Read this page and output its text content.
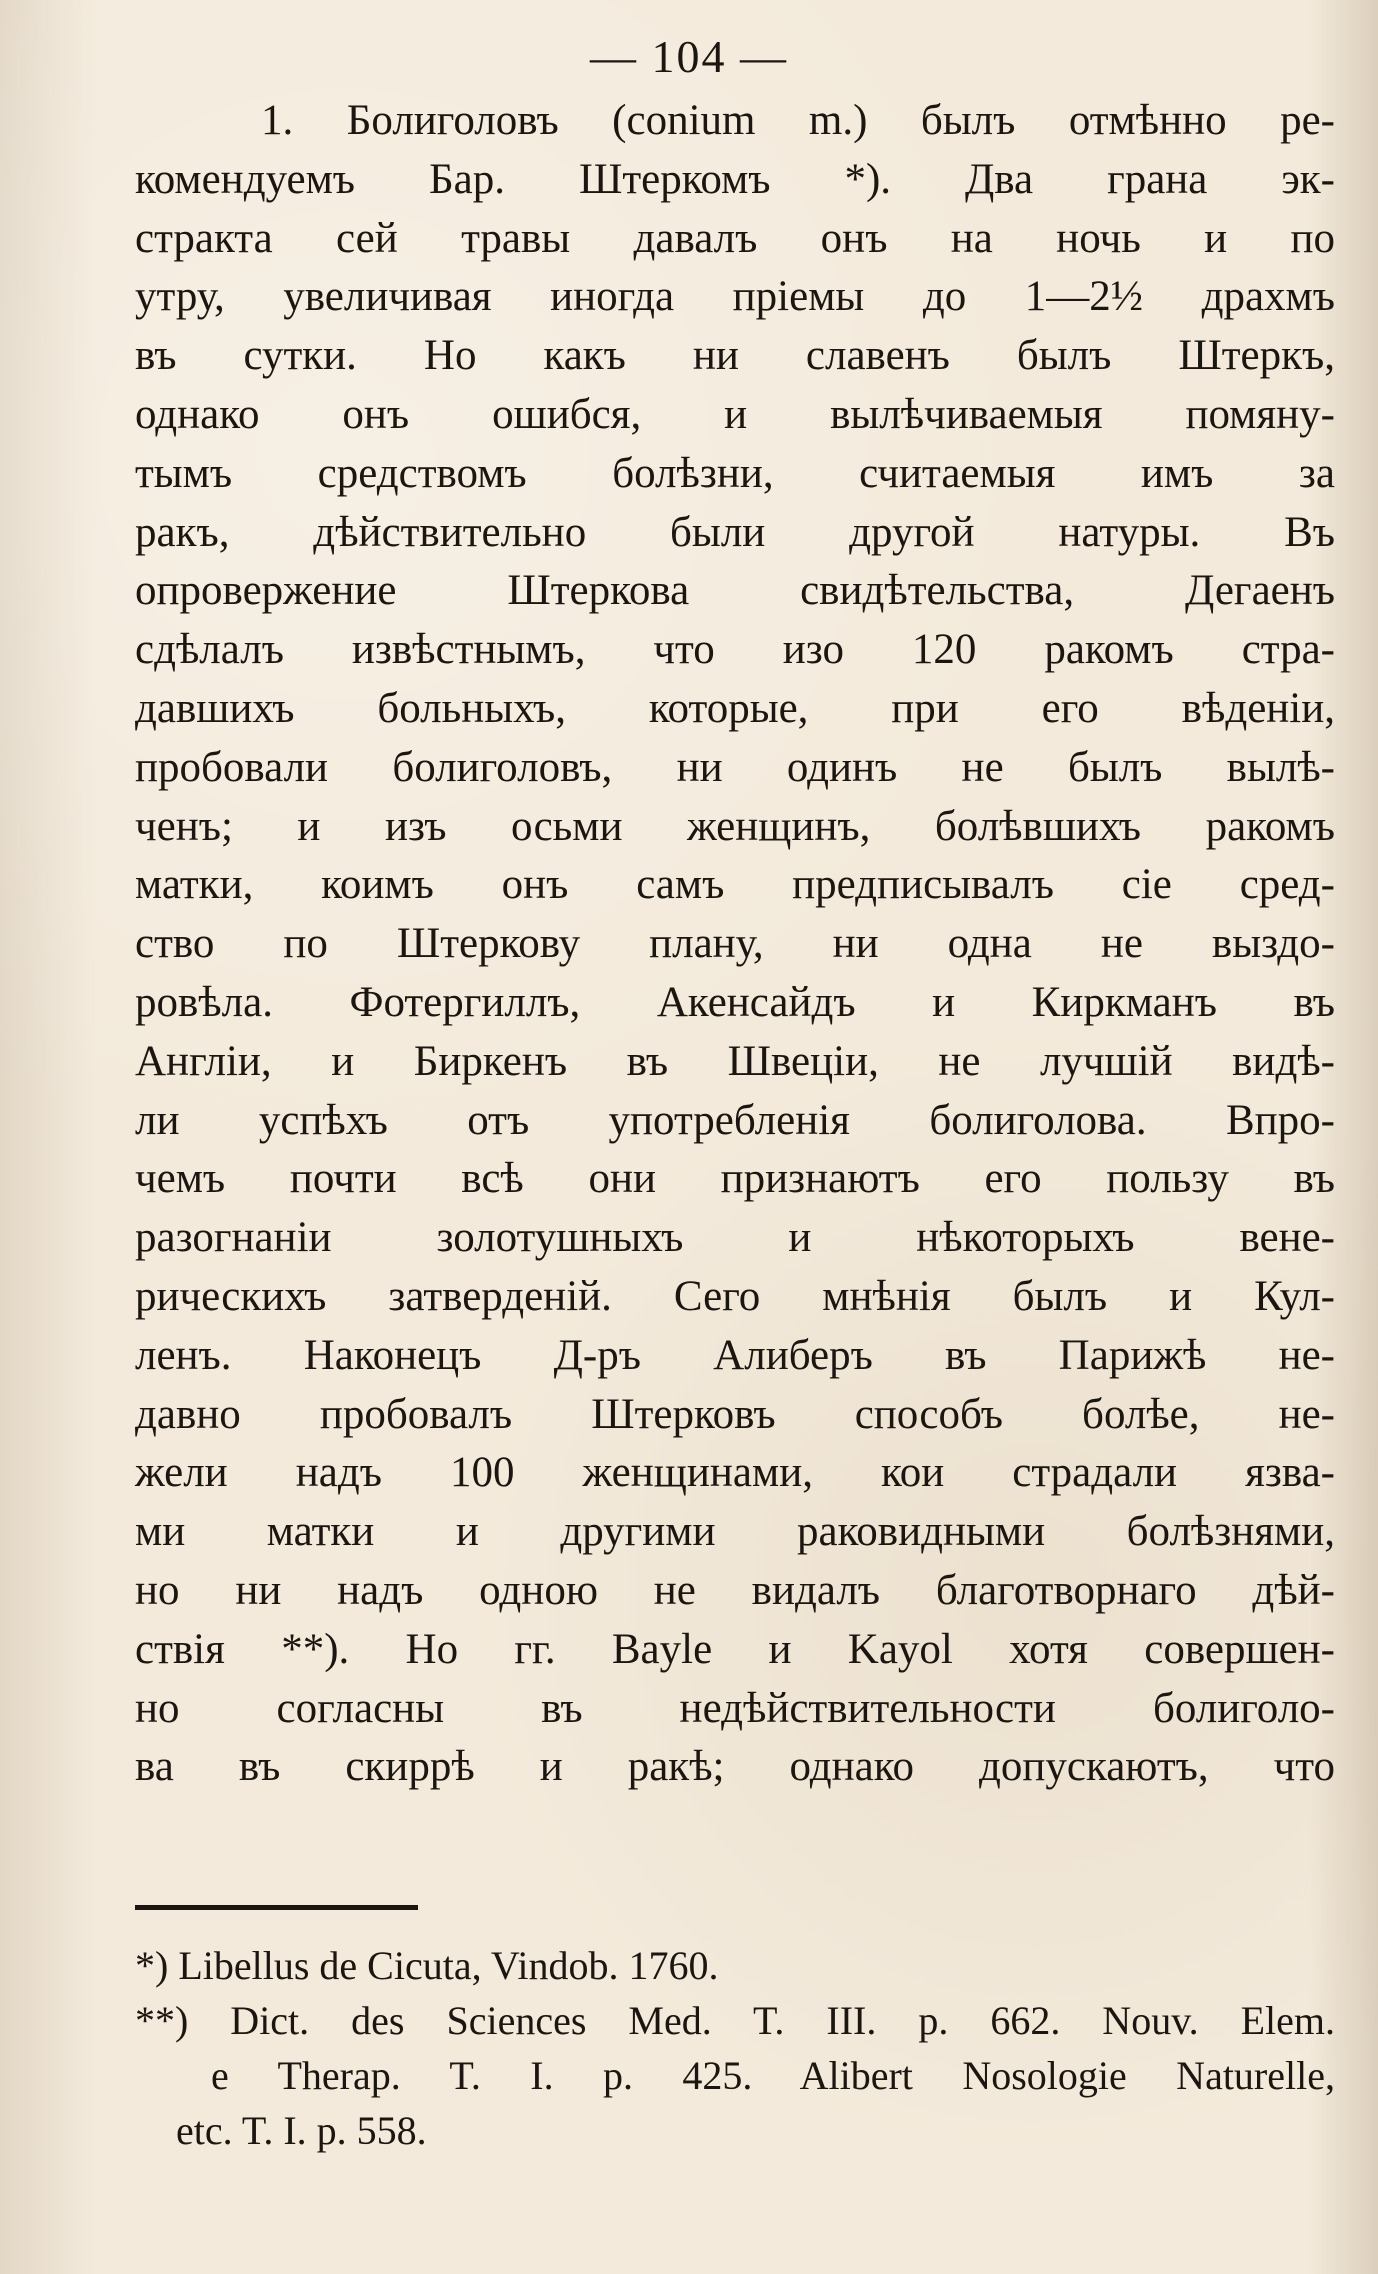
— 104 —
1. Болиголовъ (conium m.) былъ отмѣнно ре-
комендуемъ Бар. Штеркомъ *). Два грана эк-
стракта сей травы давалъ онъ на ночь и по
утру, увеличивая иногда пріемы до 1—2½ драхмъ
въ сутки. Но какъ ни славенъ былъ Штеркъ,
однако онъ ошибся, и вылѣчиваемыя помяну-
тымъ средствомъ болѣзни, считаемыя имъ за
ракъ, дѣйствительно были другой натуры. Въ
опровержение Штеркова свидѣтельства, Дегаенъ
сдѣлалъ извѣстнымъ, что изо 120 ракомъ стра-
давшихъ больныхъ, которые, при его вѣденіи,
пробовали болиголовъ, ни одинъ не былъ вылѣ-
ченъ; и изъ осьми женщинъ, болѣвшихъ ракомъ
матки, коимъ онъ самъ предписывалъ сіе сред-
ство по Штеркову плану, ни одна не выздо-
ровѣла. Фотергиллъ, Акенсайдъ и Киркманъ въ
Англіи, и Биркенъ въ Швеціи, не лучшій видѣ-
ли успѣхъ отъ употребленія болиголова. Впро-
чемъ почти всѣ они признаютъ его пользу въ
разогнаніи золотушныхъ и нѣкоторыхъ вене-
рическихъ затверденій. Сего мнѣнія былъ и Кул-
ленъ. Наконецъ Д-ръ Алиберъ въ Парижѣ не-
давно пробовалъ Штерковъ способъ болѣе, не-
жели надъ 100 женщинами, кои страдали язва-
ми матки и другими раковидными болѣзнями,
но ни надъ одною не видалъ благотворнаго дѣй-
ствія **). Но гг. Bayle и Kayol хотя совершен-
но согласны въ недѣйствительности болиголо-
ва въ скиррѣ и ракѣ; однако допускаютъ, что
*) Libellus de Cicuta, Vindob. 1760.
**) Dict. des Sciences Med. T. III. p. 662. Nouv. Elem.
e Therap. T. I. p. 425. Alibert Nosologie Naturelle,
etc. T. I. p. 558.
